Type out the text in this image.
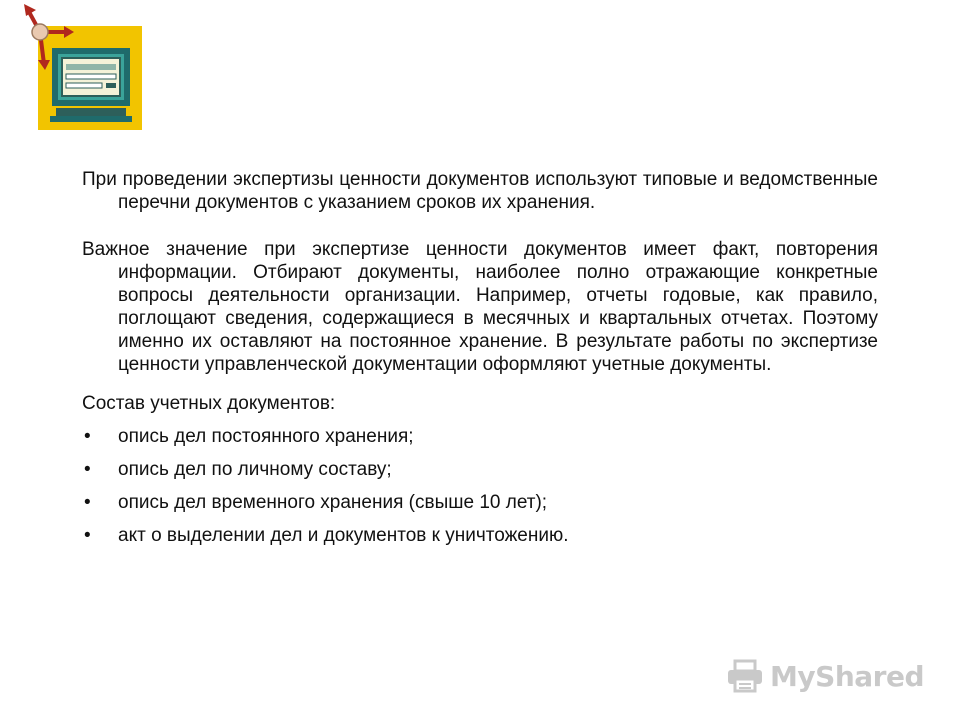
При проведении экспертизы ценности документов используют типовые и ведомственные перечни документов с указанием сроков их хранения.

Важное значение при экспертизе ценности документов имеет факт, повторения информации. Отбирают документы, наиболее полно отражающие конкретные вопросы деятельности организации. Например, отчеты годовые, как правило, поглощают сведения, содержащиеся в месячных и квартальных отчетах. Поэтому именно их оставляют на постоянное хранение. В результате работы по экспертизе ценности управленческой документации оформляют учетные документы.

Состав учетных документов:

• опись дел постоянного хранения;
• опись дел по личному составу;
• опись дел временного хранения (свыше 10 лет);
• акт о выделении дел и документов к уничтожению.
MyShared
